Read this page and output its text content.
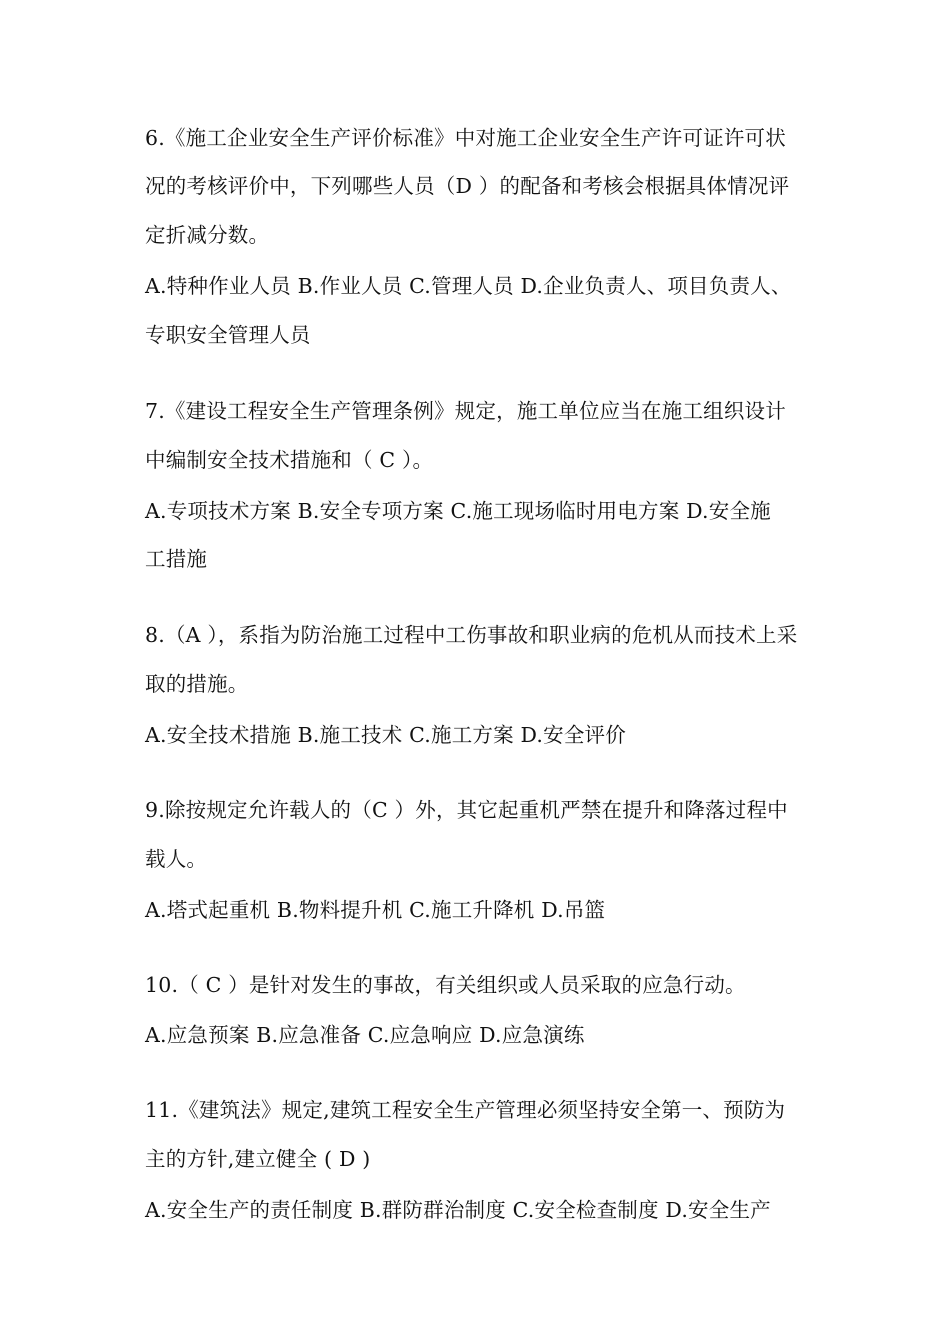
6.《施工企业安全生产评价标准》中对施工企业安全生产许可证许可状
况的考核评价中，下列哪些人员（D ）的配备和考核会根据具体情况评
定折减分数。
A.特种作业人员 B.作业人员 C.管理人员 D.企业负责人、项目负责人、
专职安全管理人员
7.《建设工程安全生产管理条例》规定，施工单位应当在施工组织设计
中编制安全技术措施和（ C ）。
A.专项技术方案 B.安全专项方案 C.施工现场临时用电方案 D.安全施
工措施
8.（A ），系指为防治施工过程中工伤事故和职业病的危机从而技术上采
取的措施。
A.安全技术措施 B.施工技术 C.施工方案 D.安全评价
9.除按规定允许载人的（C ）外，其它起重机严禁在提升和降落过程中
载人。
A.塔式起重机 B.物料提升机 C.施工升降机 D.吊篮
10.（ C ）是针对发生的事故，有关组织或人员采取的应急行动。
A.应急预案 B.应急准备 C.应急响应 D.应急演练
11.《建筑法》规定,建筑工程安全生产管理必须坚持安全第一、预防为
主的方针,建立健全 ( D )
A.安全生产的责任制度 B.群防群治制度 C.安全检查制度 D.安全生产
